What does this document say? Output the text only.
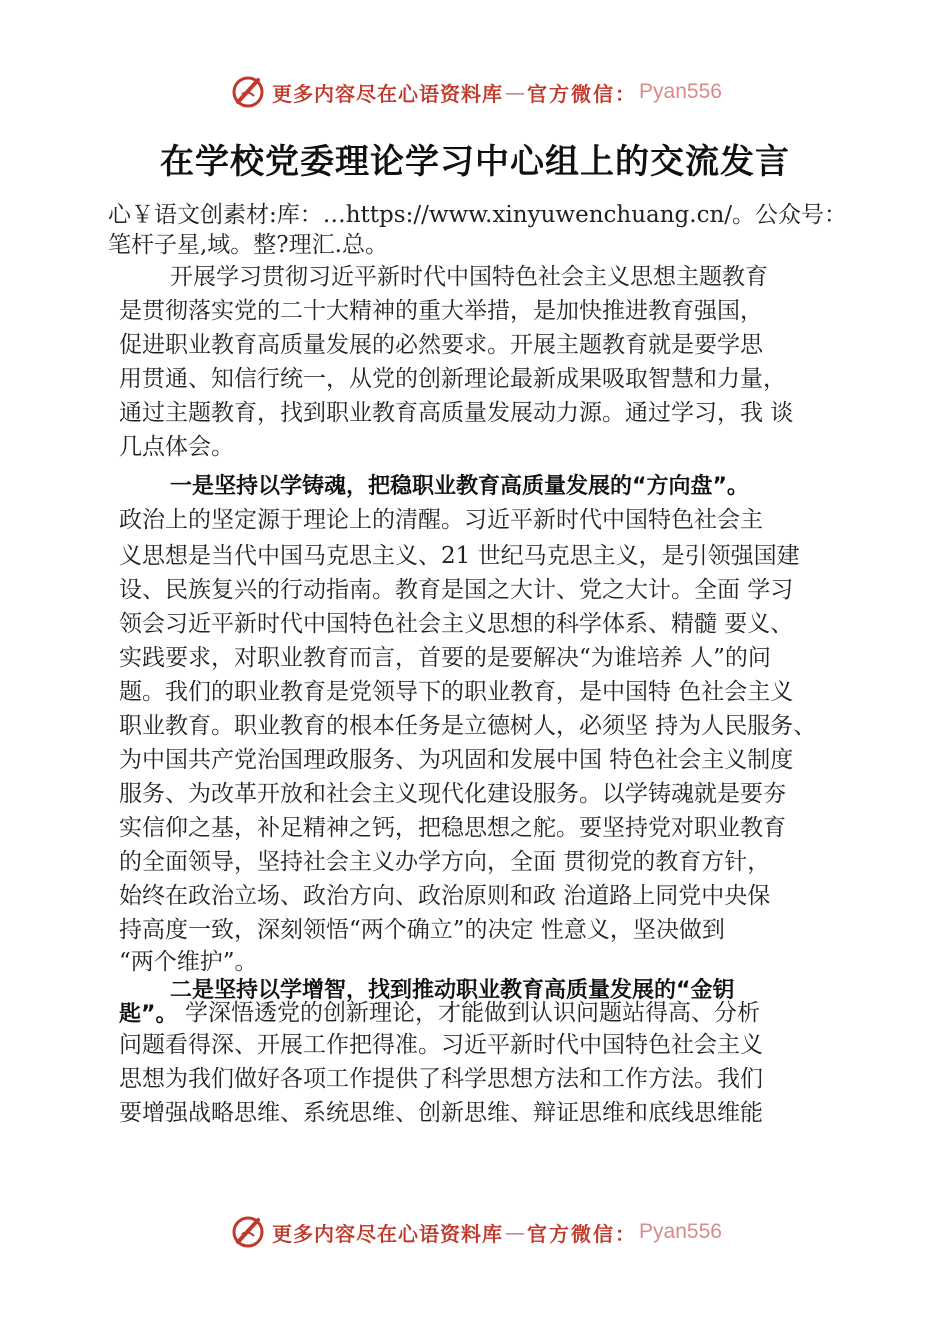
更多内容尽在心语资料库 — 官方微信： Pyan556
在学校党委理论学习中心组上的交流发言
心￥语文创素材:库：…https://www.xinyuwenchuang.cn/。公众号：
笔杆子星,域。整?理汇.总。
开展学习贯彻习近平新时代中国特色社会主义思想主题教育
是贯彻落实党的二十大精神的重大举措，是加快推进教育强国，
促进职业教育高质量发展的必然要求。开展主题教育就是要学思
用贯通、知信行统一，从党的创新理论最新成果吸取智慧和力量，
通过主题教育，找到职业教育高质量发展动力源。通过学习，我 谈
几点体会。
一是坚持以学铸魂，把稳职业教育高质量发展的“方向盘”。
政治上的坚定源于理论上的清醒。习近平新时代中国特色社会主
义思想是当代中国马克思主义、21 世纪马克思主义，是引领强国建
设、民族复兴的行动指南。教育是国之大计、党之大计。全面 学习
领会习近平新时代中国特色社会主义思想的科学体系、精髓 要义、
实践要求，对职业教育而言，首要的是要解决“为谁培养 人”的问
题。我们的职业教育是党领导下的职业教育，是中国特 色社会主义
职业教育。职业教育的根本任务是立德树人，必须坚 持为人民服务、
为中国共产党治国理政服务、为巩固和发展中国 特色社会主义制度
服务、为改革开放和社会主义现代化建设服务。以学铸魂就是要夯
实信仰之基，补足精神之钙，把稳思想之舵。要坚持党对职业教育
的全面领导，坚持社会主义办学方向，全面 贯彻党的教育方针，
始终在政治立场、政治方向、政治原则和政 治道路上同党中央保
持高度一致，深刻领悟“两个确立”的决定 性意义，坚决做到
“两个维护”。
二是坚持以学增智，找到推动职业教育高质量发展的“金钥
匙”。 学深悟透党的创新理论，才能做到认识问题站得高、分析
问题看得深、开展工作把得准。习近平新时代中国特色社会主义
思想为我们做好各项工作提供了科学思想方法和工作方法。我们
要增强战略思维、系统思维、创新思维、辩证思维和底线思维能
更多内容尽在心语资料库 — 官方微信： Pyan556
